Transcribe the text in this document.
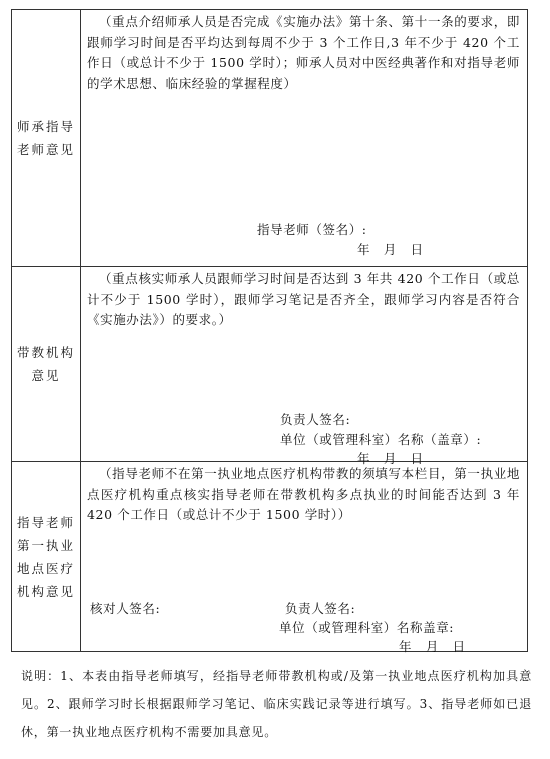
师承指导
老师意见
（重点介绍师承人员是否完成《实施办法》第十条、第十一条的要求，即跟师学习时间是否平均达到每周不少于 3 个工作日,3 年不少于 420 个工作日（或总计不少于 1500 学时）；师承人员对中医经典著作和对指导老师的学术思想、临床经验的掌握程度）
指导老师（签名）:
年   月   日
带教机构
意见
（重点核实师承人员跟师学习时间是否达到 3 年共 420 个工作日（或总计不少于 1500 学时），跟师学习笔记是否齐全，跟师学习内容是否符合《实施办法》）的要求。）
负责人签名:
单位（或管理科室）名称（盖章）:
年   月   日
指导老师
第一执业
地点医疗
机构意见
（指导老师不在第一执业地点医疗机构带教的须填写本栏目，第一执业地点医疗机构重点核实指导老师在带教机构多点执业的时间能否达到 3 年 420 个工作日（或总计不少于 1500 学时））
核对人签名:	负责人签名:
单位（或管理科室）名称盖章:
年   月   日
说明：1、本表由指导老师填写，经指导老师带教机构或/及第一执业地点医疗机构加具意见。2、跟师学习时长根据跟师学习笔记、临床实践记录等进行填写。3、指导老师如已退休，第一执业地点医疗机构不需要加具意见。
